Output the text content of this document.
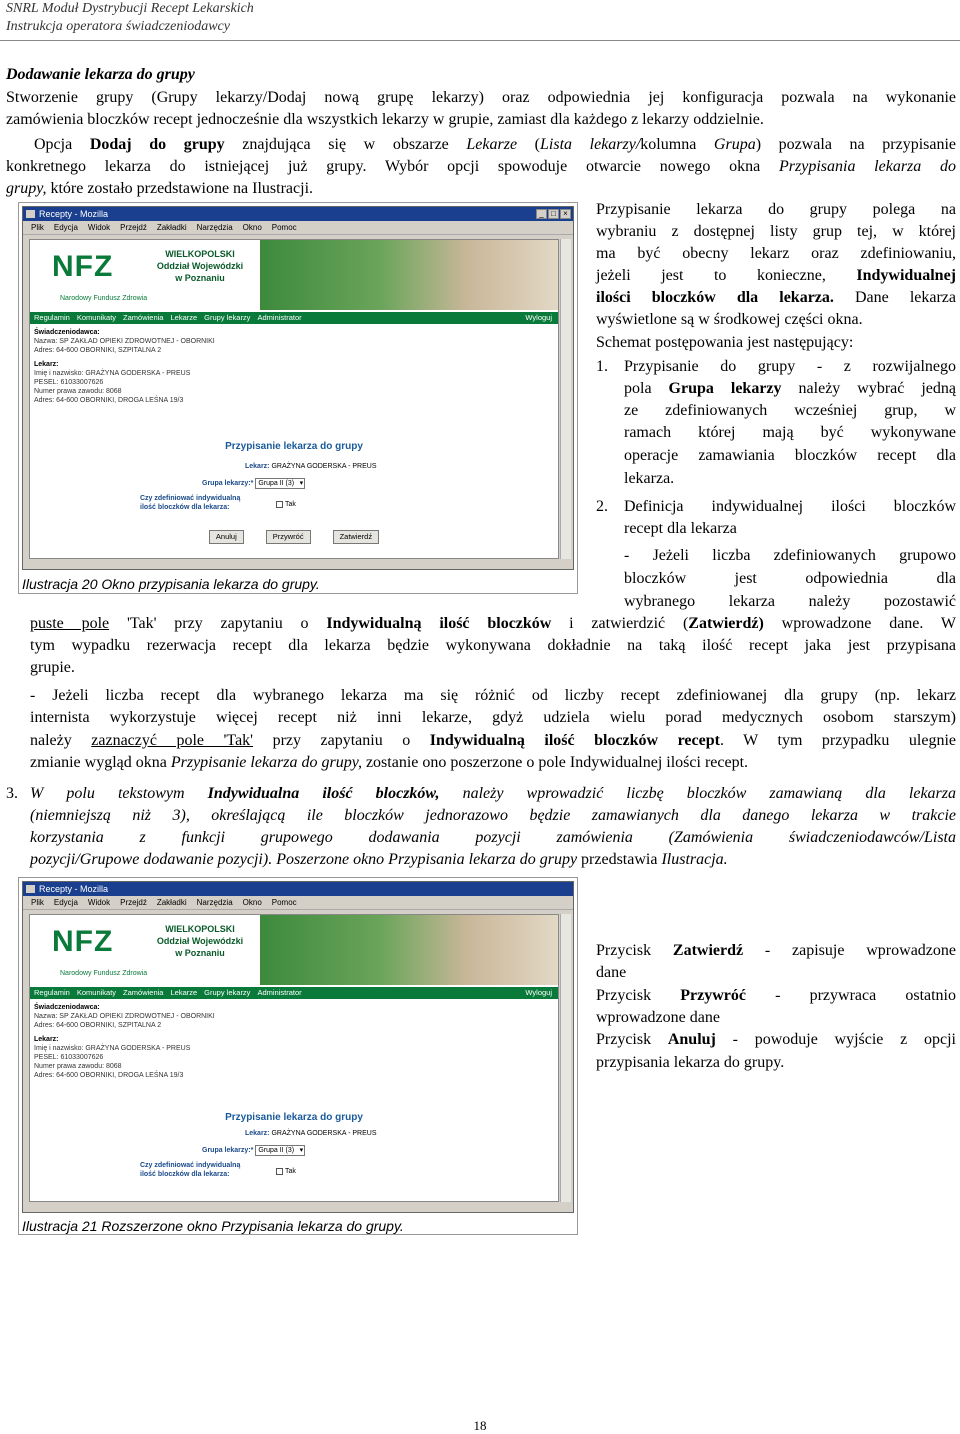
SNRL Moduł Dystrybucji Recept Lekarskich
Instrukcja operatora świadczeniodawcy
Dodawanie lekarza do grupy
Stworzenie grupy (Grupy lekarzy/Dodaj nową grupę lekarzy) oraz odpowiednia jej konfiguracja pozwala na wykonanie
zamówienia bloczków recept jednocześnie dla wszystkich lekarzy w grupie, zamiast dla każdego z lekarzy oddzielnie.
Opcja Dodaj do grupy znajdująca się w obszarze Lekarze (Lista lekarzy/kolumna Grupa) pozwala na przypisanie
konkretnego lekarza do istniejącej już grupy. Wybór opcji spowoduje otwarcie nowego okna Przypisania lekarza do
grupy, które zostało przedstawione na Ilustracji.
Recepty - Mozilla	_ □ ×
Plik Edycja Widok Przejdź Zakładki Narzędzia Okno Pomoc
NFZ
Narodowy Fundusz Zdrowia
WIELKOPOLSKI
Oddział Wojewódzki
w Poznaniu
Regulamin Komunikaty Zamówienia Lekarze Grupy lekarzy Administrator	Wyloguj
Świadczeniodawca:
Nazwa: SP ZAKŁAD OPIEKI ZDROWOTNEJ - OBORNIKI
Adres: 64-600 OBORNIKI, SZPITALNA 2
Lekarz:
Imię i nazwisko: GRAŻYNA GODERSKA - PREUS
PESEL: 61033007626
Numer prawa zawodu: 8068
Adres: 64-600 OBORNIKI, DROGA LEŚNA 19/3
Przypisanie lekarza do grupy
Lekarz: GRAŻYNA GODERSKA - PREUS
Grupa lekarzy:* Grupa II (3) ▾
Czy zdefiniować indywidualną
ilość bloczków dla lekarza:	Tak
Anuluj	Przywróć	Zatwierdź
Ilustracja 20 Okno przypisania lekarza do grupy.
Przypisanie lekarza do grupy polega na
wybraniu z dostępnej listy grup tej, w której
ma być obecny lekarz oraz zdefiniowaniu,
jeżeli jest to konieczne, Indywidualnej
ilości bloczków dla lekarza. Dane lekarza
wyświetlone są w środkowej części okna.
Schemat postępowania jest następujący:
1. Przypisanie do grupy - z rozwijalnego
pola Grupa lekarzy należy wybrać jedną
ze zdefiniowanych wcześniej grup, w
ramach której mają być wykonywane
operacje zamawiania bloczków recept dla
lekarza.
2. Definicja indywidualnej ilości bloczków
recept dla lekarza
- Jeżeli liczba zdefiniowanych grupowo
bloczków jest odpowiednia dla
wybranego lekarza należy pozostawić
puste pole 'Tak' przy zapytaniu o Indywidualną ilość bloczków i zatwierdzić (Zatwierdź) wprowadzone dane. W
tym wypadku rezerwacja recept dla lekarza będzie wykonywana dokładnie na taką ilość recept jaka jest przypisana
grupie.
- Jeżeli liczba recept dla wybranego lekarza ma się różnić od liczby recept zdefiniowanej dla grupy (np. lekarz
internista wykorzystuje więcej recept niż inni lekarze, gdyż udziela wielu porad medycznych osobom starszym)
należy zaznaczyć pole 'Tak' przy zapytaniu o Indywidualną ilość bloczków recept. W tym przypadku ulegnie
zmianie wygląd okna Przypisanie lekarza do grupy, zostanie ono poszerzone o pole Indywidualnej ilości recept.
3. W polu tekstowym Indywidualna ilość bloczków, należy wprowadzić liczbę bloczków zamawianą dla lekarza
(niemniejszą niż 3), określającą ile bloczków jednorazowo będzie zamawianych dla danego lekarza w trakcie
korzystania z funkcji grupowego dodawania pozycji zamówienia (Zamówienia świadczeniodawców/Lista
pozycji/Grupowe dodawanie pozycji). Poszerzone okno Przypisania lekarza do grupy przedstawia Ilustracja.
Recepty - Mozilla
Plik Edycja Widok Przejdź Zakładki Narzędzia Okno Pomoc
NFZ
Narodowy Fundusz Zdrowia
WIELKOPOLSKI
Oddział Wojewódzki
w Poznaniu
Regulamin Komunikaty Zamówienia Lekarze Grupy lekarzy Administrator	Wyloguj
Świadczeniodawca:
Nazwa: SP ZAKŁAD OPIEKI ZDROWOTNEJ - OBORNIKI
Adres: 64-600 OBORNIKI, SZPITALNA 2
Lekarz:
Imię i nazwisko: GRAŻYNA GODERSKA - PREUS
PESEL: 61033007626
Numer prawa zawodu: 8068
Adres: 64-600 OBORNIKI, DROGA LEŚNA 19/3
Przypisanie lekarza do grupy
Lekarz: GRAŻYNA GODERSKA - PREUS
Grupa lekarzy:* Grupa II (3) ▾
Czy zdefiniować indywidualną
ilość bloczków dla lekarza:	Tak
Ilustracja 21 Rozszerzone okno Przypisania lekarza do grupy.
Przycisk Zatwierdź - zapisuje wprowadzone
dane
Przycisk Przywróć - przywraca ostatnio
wprowadzone dane
Przycisk Anuluj - powoduje wyjście z opcji
przypisania lekarza do grupy.
18
